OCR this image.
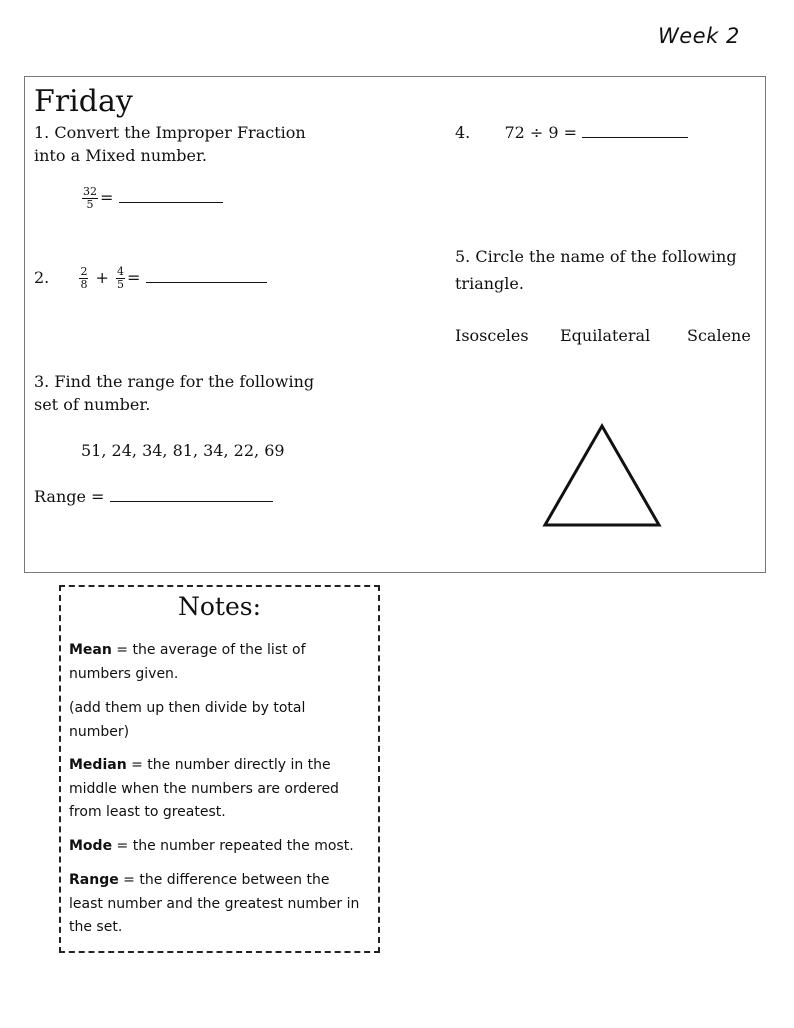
Week 2
Friday
1. Convert the Improper Fraction
into a Mixed number.
$\frac{32}{5}$ =
2.	$\frac{2}{8} + \frac{4}{5}$ =
3. Find the range for the following
set of number.
51, 24, 34, 81, 34, 22, 69
Range =
4. 72 ÷ 9 =
5. Circle the name of the following
triangle.
Isosceles Equilateral Scalene
Notes:
Mean = the average of the list of
numbers given.
(add them up then divide by total
number)
Median = the number directly in the
middle when the numbers are ordered
from least to greatest.
Mode = the number repeated the most.
Range = the difference between the
least number and the greatest number in
the set.
